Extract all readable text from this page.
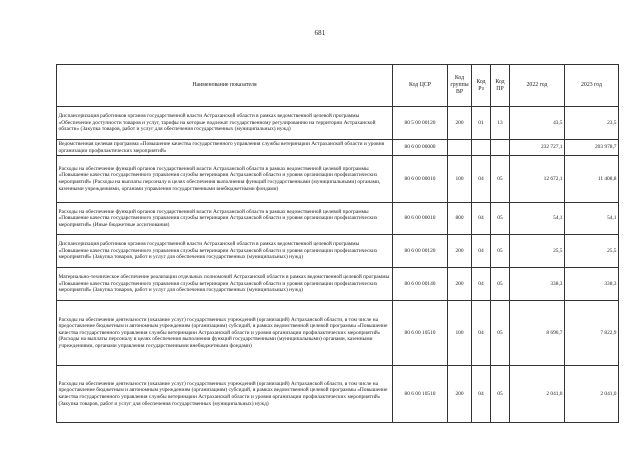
681
Наименование показателя	Код ЦСР	Код группы ВР	Код Рз	Код ПР	2022 год	2023 год
Диспансеризация работников органов государственной власти Астраханской области в рамках ведомственной целевой программы «Обеспечение доступности товаров и услуг, тарифы на которые подлежат государственному регулированию на территории Астраханской области» (Закупка товаров, работ и услуг для обеспечения государственных (муниципальных) нужд)	80 5 00 00120	200	01	13	43,5	23,5
Ведомственная целевая программа «Повышение качества государственного управления службы ветеринарии Астраханской области и уровня организации профилактических мероприятий»	80 6 00 00000				232 727,1	203 978,7
Расходы на обеспечение функций органов государственной власти Астраханской области в рамках ведомственной целевой программы «Повышение качества государственного управления службы ветеринарии Астраханской области и уровня организации профилактических мероприятий» (Расходы на выплаты персоналу в целях обеспечения выполнения функций государственными (муниципальными) органами, казенными учреждениями, органами управления государственными внебюджетными фондами)	80 6 00 00010	100	04	05	12 672,1	11 408,8
Расходы на обеспечение функций органов государственной власти Астраханской области в рамках ведомственной целевой программы «Повышение качества государственного управления службы ветеринарии Астраханской области и уровня организации профилактических мероприятий» (Иные бюджетные ассигнования)	80 6 00 00010	800	04	05	54,1	54,1
Диспансеризация работников органов государственной власти Астраханской области в рамках ведомственной целевой программы «Повышение качества государственного управления службы ветеринарии Астраханской области и уровня организации профилактических мероприятий» (Закупка товаров, работ и услуг для обеспечения государственных (муниципальных) нужд)	80 6 00 00120	200	04	05	25,5	25,5
Материально-техническое обеспечение реализации отдельных полномочий Астраханской области в рамках ведомственной целевой программы «Повышение качества государственного управления службы ветеринарии Астраханской области и уровня организации профилактических мероприятий» (Закупка товаров, работ и услуг для обеспечения государственных (муниципальных) нужд)	80 6 00 00140	200	04	05	338,3	338,3
Расходы на обеспечение деятельности (оказание услуг) государственных учреждений (организаций) Астраханской области, в том числе на предоставление бюджетным и автономным учреждениям (организациям) субсидий, в рамках ведомственной целевой программы «Повышение качества государственного управления службы ветеринарии Астраханской области и уровня организации профилактических мероприятий» (Расходы на выплаты персоналу в целях обеспечения выполнения функций государственными (муниципальными) органами, казенными учреждениями, органами управления государственными внебюджетными фондами)	80 6 00 10510	100	04	05	8 690,7	7 822,9
Расходы на обеспечение деятельности (оказание услуг) государственных учреждений (организаций) Астраханской области, в том числе на предоставление бюджетным и автономным учреждениям (организациям) субсидий, в рамках ведомственной целевой программы «Повышение качества государственного управления службы ветеринарии Астраханской области и уровня организации профилактических мероприятий» (Закупка товаров, работ и услуг для обеспечения государственных (муниципальных) нужд)	80 6 00 10510	200	04	05	2 041,0	2 041,0
